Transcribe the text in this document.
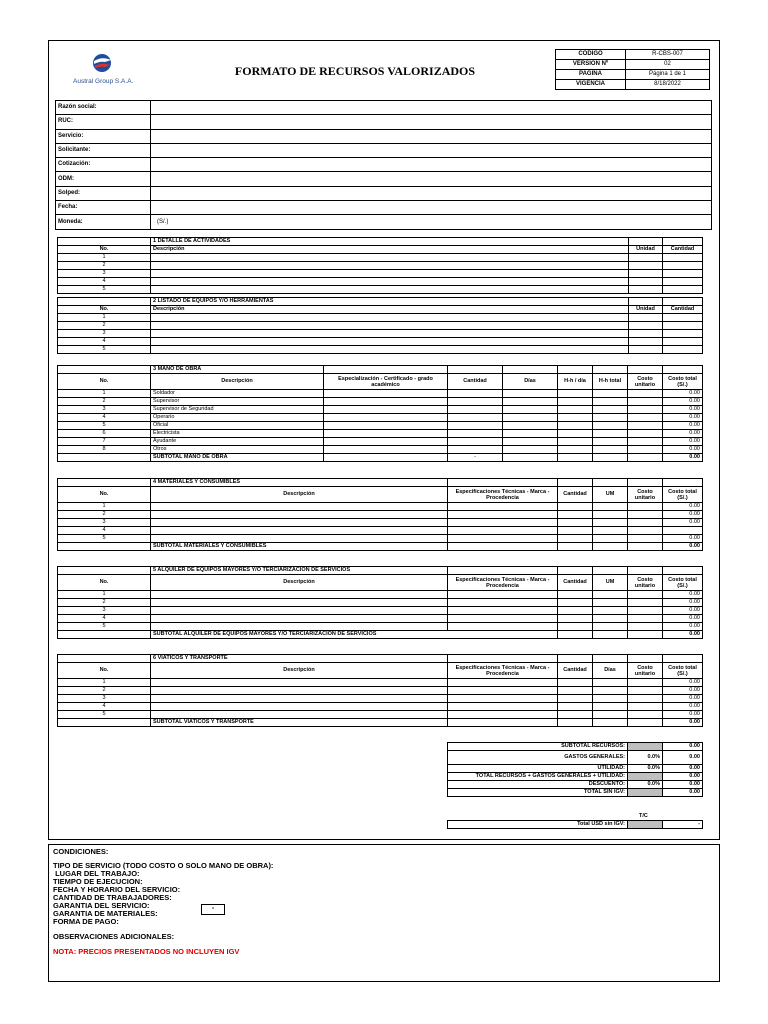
Austral Group S.A.A.
FORMATO DE RECURSOS VALORIZADOS
CODIGO	R-CBS-007
VERSIÓN Nº	02
PAGINA	Página 1 de 1
VIGENCIA	8/18/2022
Razón social:	
RUC:	
Servicio:	
Solicitante:	
Cotización:	
ODM:	
Solped:	
Fecha:	
Moneda:	(S/.)
	1 DETALLE DE ACTIVIDADES		
No.	Descripción	Unidad	Cantidad
1			
2			
3			
4			
5			
	2 LISTADO DE EQUIPOS Y/O HERRAMIENTAS		
No.	Descripción	Unidad	Cantidad
1			
2			
3			
4			
5			
	3 MANO DE OBRA							
No.	Descripción	Especialización - Certificado - grado académico	Cantidad	Días	H-h / día	H-h total	Costo unitario	Costo total (S/.)
1	Soldador							0.00
2	Supervisor							0.00
3	Supervisor de Seguridad							0.00
4	Operario							0.00
5	Oficial							0.00
6	Electricista							0.00
7	Ayudante							0.00
8	Otros							0.00
	SUBTOTAL MANO DE OBRA		-					0.00
	4 MATERIALES Y CONSUMIBLES					
No.	Descripción	Especificaciones Técnicas - Marca - Procedencia	Cantidad	UM	Costo unitario	Costo total (S/.)
1						0.00
2						0.00
3						0.00
4						
5						0.00
	SUBTOTAL MATERIALES Y CONSUMIBLES					0.00
	5 ALQUILER DE EQUIPOS MAYORES Y/O TERCIARIZACIÓN DE SERVICIOS					
No.	Descripción	Especificaciones Técnicas - Marca - Procedencia	Cantidad	UM	Costo unitario	Costo total (S/.)
1						0.00
2						0.00
3						0.00
4						0.00
5						0.00
	SUBTOTAL ALQUILER DE EQUIPOS MAYORES Y/O TERCIARIZACIÓN DE SERVICIOS					0.00
	6 VIATICOS Y TRANSPORTE					
No.	Descripción	Especificaciones Técnicas - Marca - Procedencia	Cantidad	Días	Costo unitario	Costo total (S/.)
1						0.00
2						0.00
3						0.00
4						0.00
5						0.00
	SUBTOTAL VIATICOS Y TRANSPORTE					0.00
SUBTOTAL RECURSOS:		0.00
GASTOS GENERALES:	0.0%	0.00
UTILIDAD:	0.0%	0.00
TOTAL RECURSOS + GASTOS GENERALES + UTILIDAD:		0.00
DESCUENTO:	0.0%	0.00
TOTAL SIN IGV:		0.00
T/C
Total USD sin IGV:		-
CONDICIONES:
TIPO DE SERVICIO (TODO COSTO O SOLO MANO DE OBRA):
LUGAR DEL TRABAJO:
TIEMPO DE EJECUCION:
FECHA Y HORARIO DEL SERVICIO:
CANTIDAD DE TRABAJADORES:
GARANTIA DEL SERVICIO:
GARANTIA DE MATERIALES:
FORMA DE PAGO:
OBSERVACIONES ADICIONALES:
NOTA: PRECIOS PRESENTADOS NO INCLUYEN IGV
-
